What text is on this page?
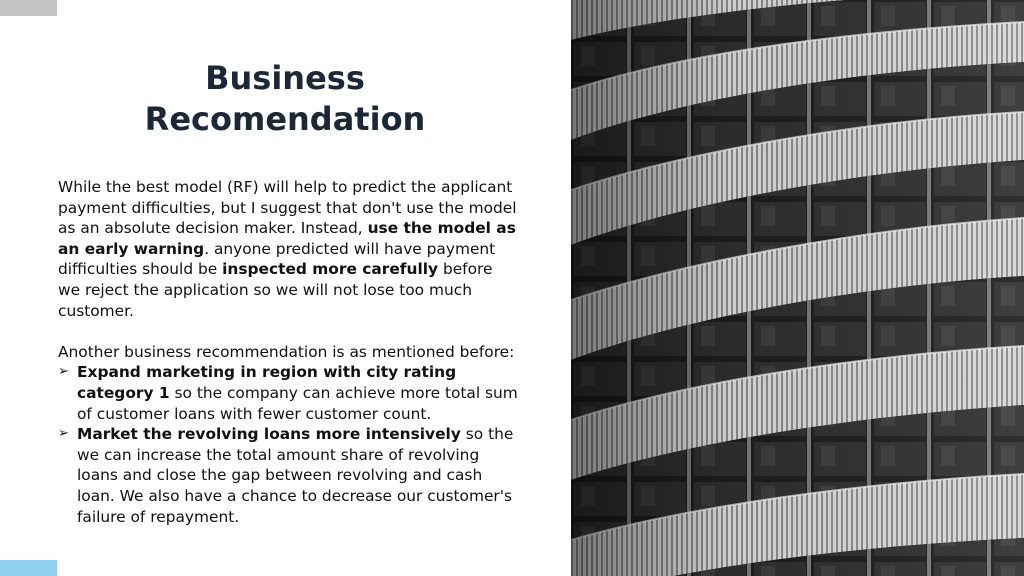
Business
Recomendation

While the best model (RF) will help to predict the applicant payment difficulties, but I suggest that don't use the model as an absolute decision maker. Instead, use the model as an early warning. anyone predicted will have payment difficulties should be inspected more carefully before we reject the application so we will not lose too much customer.

Another business recommendation is as mentioned before:

➢ Expand marketing in region with city rating category 1 so the company can achieve more total sum of customer loans with fewer customer count.
➢ Market the revolving loans more intensively so the we can increase the total amount share of revolving loans and close the gap between revolving and cash loan. We also have a chance to decrease our customer's failure of repayment.
